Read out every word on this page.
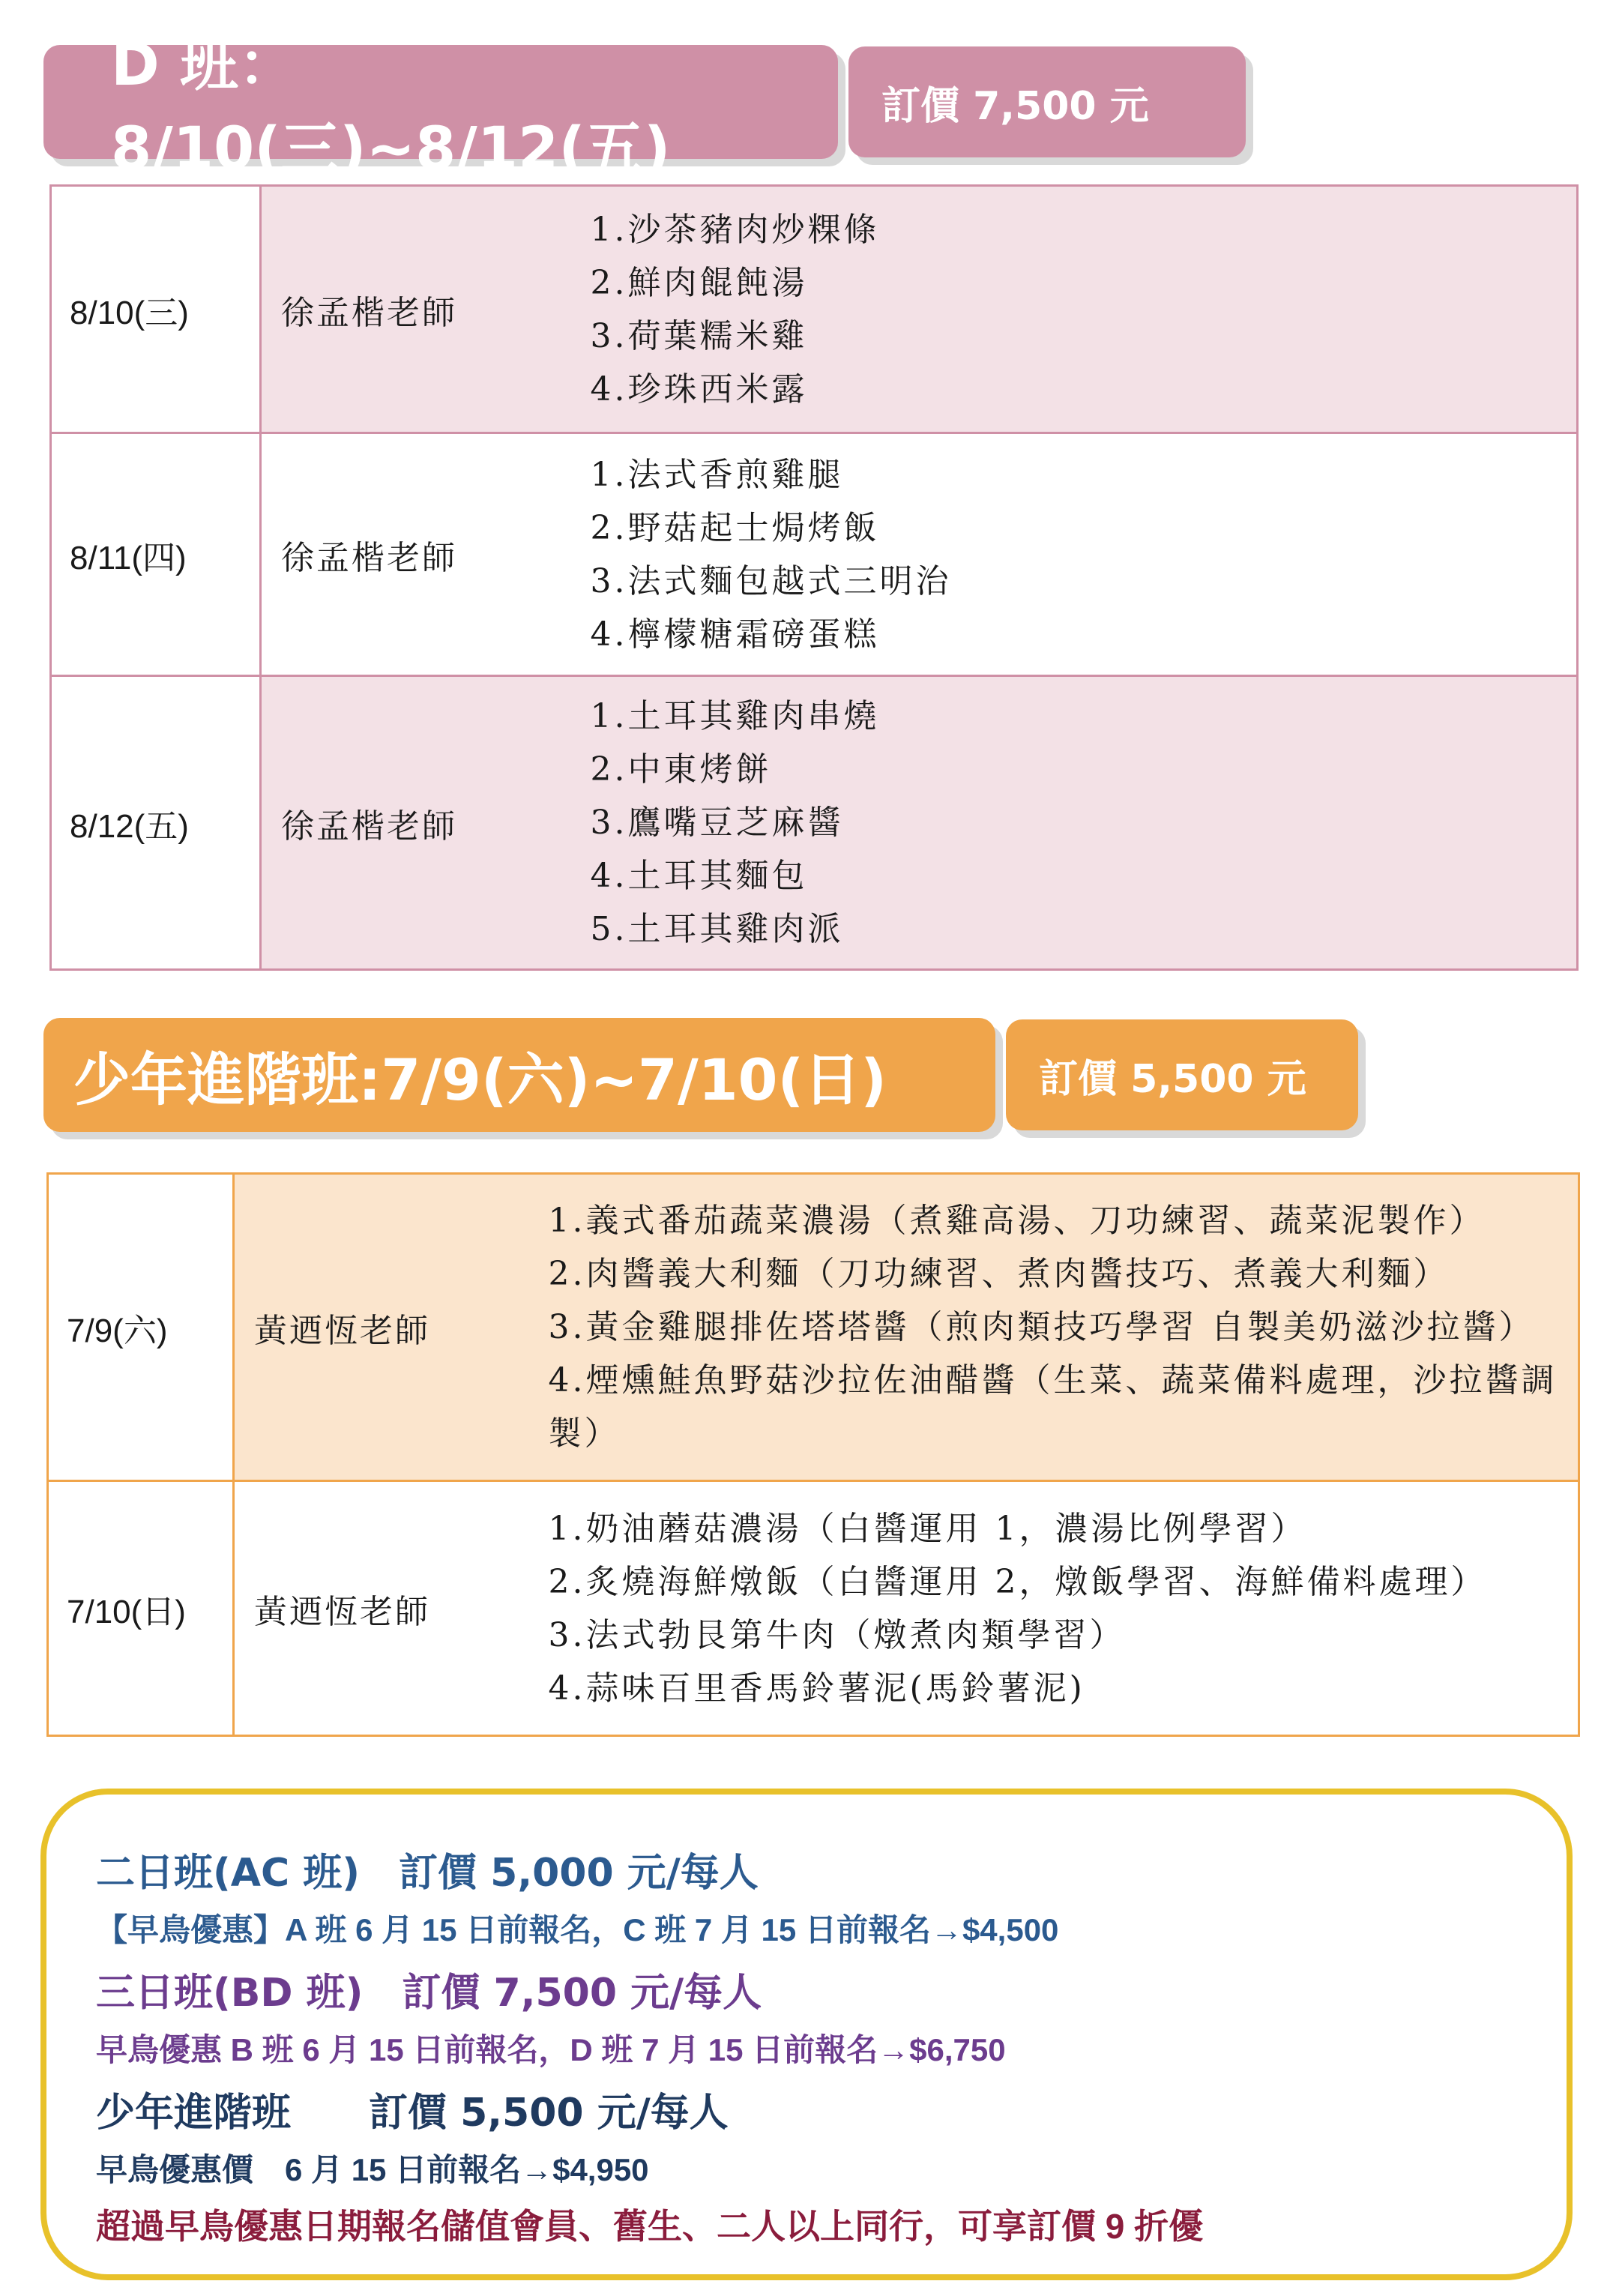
D 班：8/10(三)~8/12(五)
訂價 7,500 元
8/10(三)	徐孟楷老師	1.沙茶豬肉炒粿條
2.鮮肉餛飩湯
3.荷葉糯米雞
4.珍珠西米露

8/11(四)	徐孟楷老師	1.法式香煎雞腿
2.野菇起士焗烤飯
3.法式麵包越式三明治
4.檸檬糖霜磅蛋糕

8/12(五)	徐孟楷老師	1.土耳其雞肉串燒
2.中東烤餅
3.鷹嘴豆芝麻醬
4.土耳其麵包
5.土耳其雞肉派
少年進階班:7/9(六)~7/10(日)	訂價 5,500 元
7/9(六)	黃迺恆老師	1.義式番茄蔬菜濃湯（煮雞高湯、刀功練習、蔬菜泥製作）
2.肉醬義大利麵（刀功練習、煮肉醬技巧、煮義大利麵）
3.黃金雞腿排佐塔塔醬（煎肉類技巧學習 自製美奶滋沙拉醬）
4.煙燻鮭魚野菇沙拉佐油醋醬（生菜、蔬菜備料處理，沙拉醬調製）

7/10(日)	黃迺恆老師	1.奶油蘑菇濃湯（白醬運用 1，濃湯比例學習）
2.炙燒海鮮燉飯（白醬運用 2，燉飯學習、海鮮備料處理）
3.法式勃艮第牛肉（燉煮肉類學習）
4.蒜味百里香馬鈴薯泥(馬鈴薯泥)
二日班(AC 班)　訂價 5,000 元/每人
【早鳥優惠】A 班 6 月 15 日前報名，C 班 7 月 15 日前報名→$4,500
三日班(BD 班)　訂價 7,500 元/每人
早鳥優惠 B 班 6 月 15 日前報名，D 班 7 月 15 日前報名→$6,750
少年進階班　　訂價 5,500 元/每人
早鳥優惠價　6 月 15 日前報名→$4,950
超過早鳥優惠日期報名儲值會員、舊生、二人以上同行，可享訂價 9 折優
